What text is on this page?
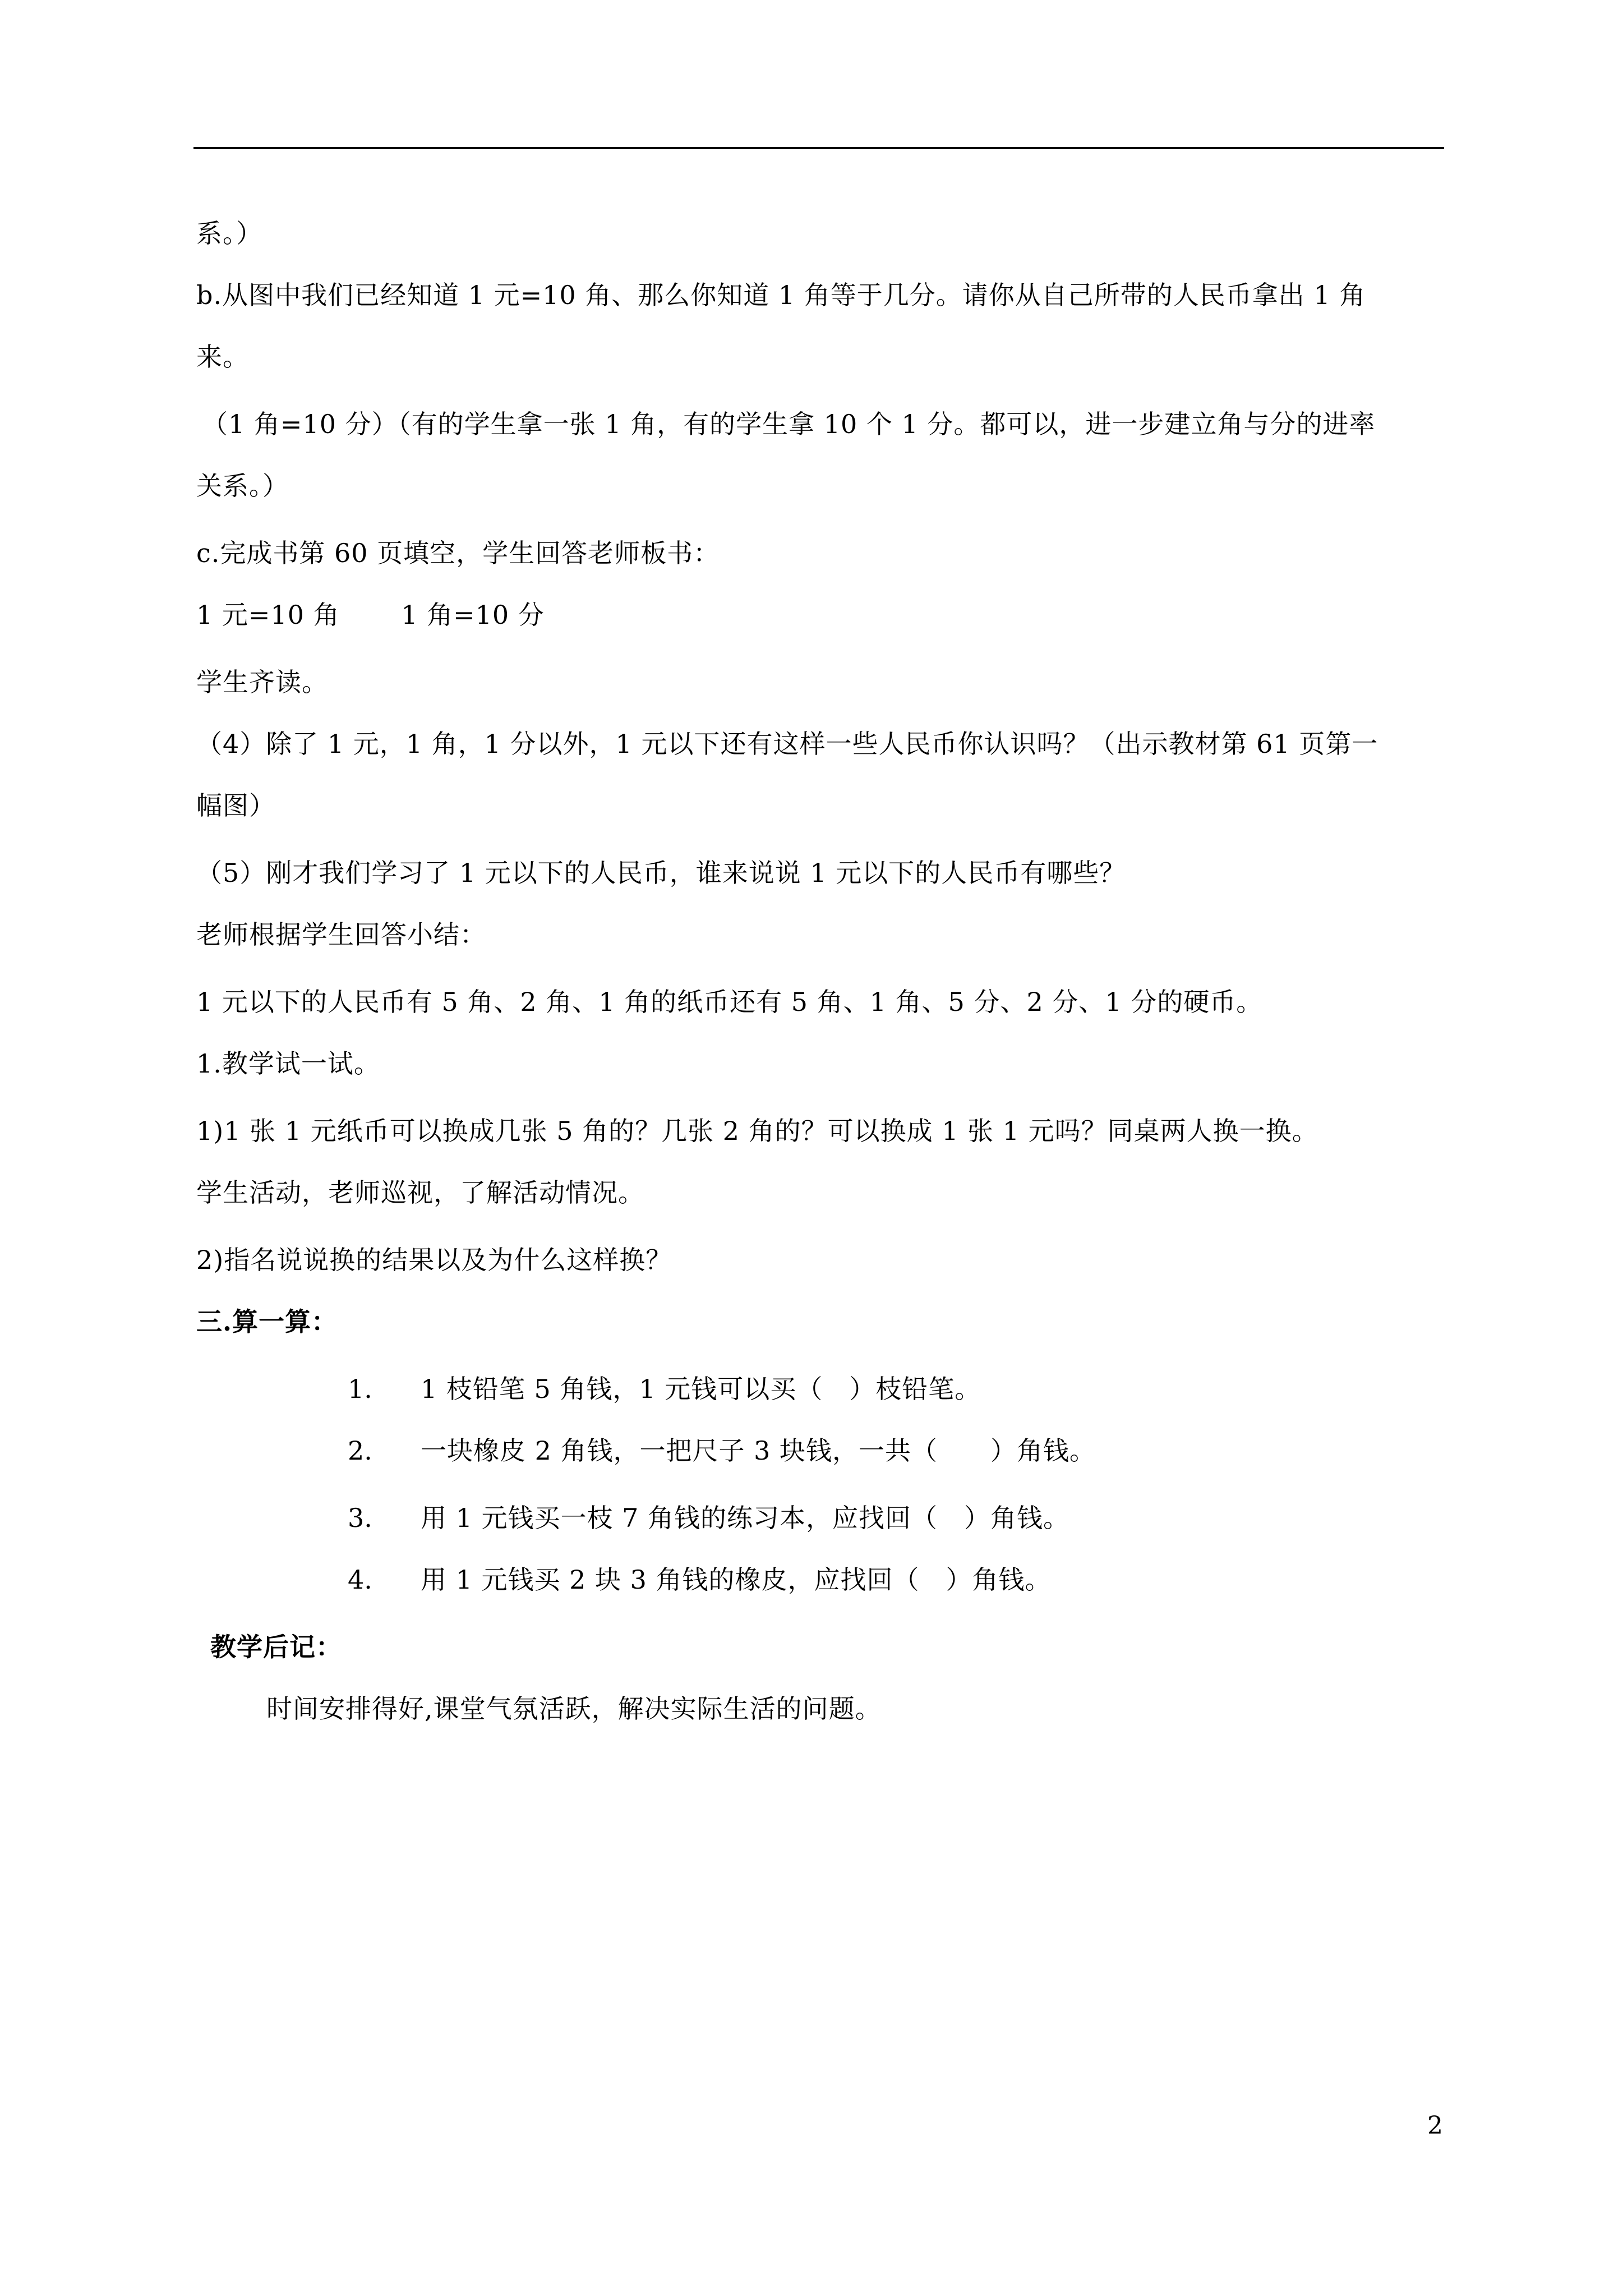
系。）
b.从图中我们已经知道 1 元=10 角、那么你知道 1 角等于几分。请你从自己所带的人民币拿出 1 角
来。
（1 角=10 分）（有的学生拿一张 1 角，有的学生拿 10 个 1 分。都可以，进一步建立角与分的进率
关系。）
c.完成书第 60 页填空，学生回答老师板书：
1 元=10 角　　 1 角=10 分
学生齐读。
（4）除了 1 元，1 角，1 分以外，1 元以下还有这样一些人民币你认识吗？（出示教材第 61 页第一
幅图）
（5）刚才我们学习了 1 元以下的人民币，谁来说说 1 元以下的人民币有哪些？
老师根据学生回答小结：
1 元以下的人民币有 5 角、2 角、1 角的纸币还有 5 角、1 角、5 分、2 分、1 分的硬币。
1.教学试一试。
1)1 张 1 元纸币可以换成几张 5 角的？几张 2 角的？可以换成 1 张 1 元吗？同桌两人换一换。
学生活动，老师巡视，了解活动情况。
2)指名说说换的结果以及为什么这样换？
三.算一算：
1. 1 枝铅笔 5 角钱，1 元钱可以买（　）枝铅笔。
2. 一块橡皮 2 角钱，一把尺子 3 块钱，一共（　　）角钱。
3. 用 1 元钱买一枝 7 角钱的练习本，应找回（　）角钱。
4. 用 1 元钱买 2 块 3 角钱的橡皮，应找回（　）角钱。
教学后记：
时间安排得好,课堂气氛活跃，解决实际生活的问题。
2
